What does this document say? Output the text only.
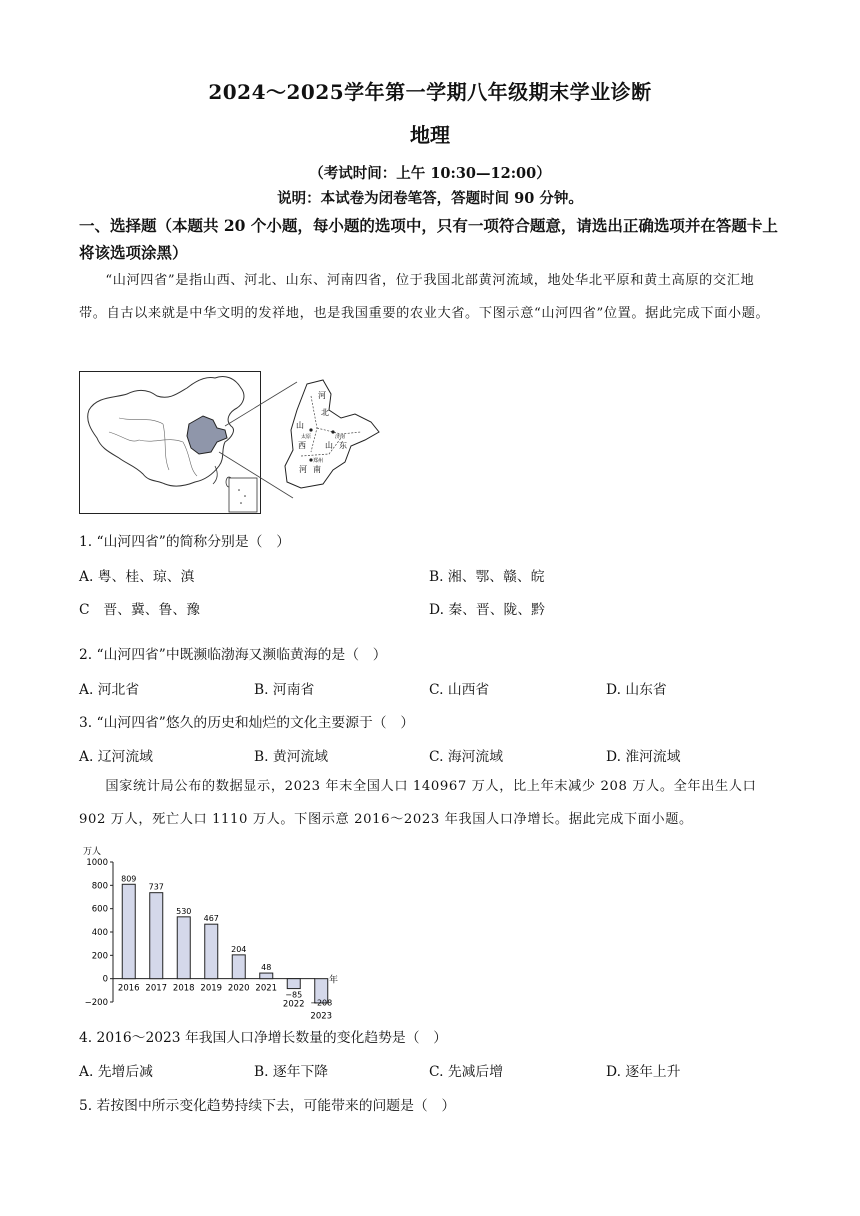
2024～2025学年第一学期八年级期末学业诊断
地理
（考试时间：上午 10:30—12:00）
说明：本试卷为闭卷笔答，答题时间 90 分钟。
一、选择题（本题共 20 个小题，每小题的选项中，只有一项符合题意，请选出正确选项并在答题卡上将该选项涂黑）
“山河四省”是指山西、河北、山东、河南四省，位于我国北部黄河流域，地处华北平原和黄土高原的交汇地带。自古以来就是中华文明的发祥地，也是我国重要的农业大省。下图示意“山河四省”位置。据此完成下面小题。
河
北
山
西 山 东
河 南
太原	济南
郑州
1. “山河四省”的简称分别是（　）
A. 粤、桂、琼、滇	B. 湘、鄂、赣、皖
C　晋、冀、鲁、豫	D. 秦、晋、陇、黔
2. “山河四省”中既濒临渤海又濒临黄海的是（　）
A. 河北省	B. 河南省	C. 山西省	D. 山东省
3. “山河四省”悠久的历史和灿烂的文化主要源于（　）
A. 辽河流域	B. 黄河流域	C. 海河流域	D. 淮河流域
国家统计局公布的数据显示，2023 年末全国人口 140967 万人，比上年末减少 208 万人。全年出生人口 902 万人，死亡人口 1110 万人。下图示意 2016～2023 年我国人口净增长。据此完成下面小题。
万人
年
1000
800
600
400
200
0
−200
809
737
530
467
204
48
−85
−208
2016 2017 2018 2019 2020 2021
2022
2023
4. 2016～2023 年我国人口净增长数量的变化趋势是（　）
A. 先增后减	B. 逐年下降	C. 先减后增	D. 逐年上升
5. 若按图中所示变化趋势持续下去，可能带来的问题是（　）
